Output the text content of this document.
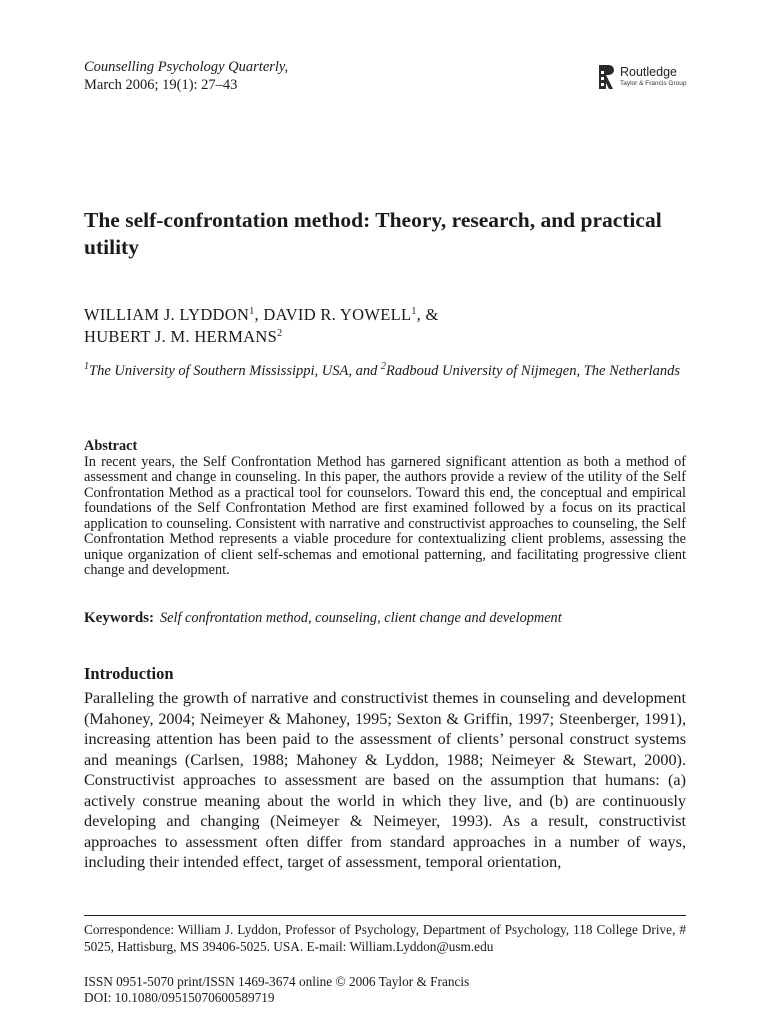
Counselling Psychology Quarterly,
March 2006; 19(1): 27–43
Routledge
Taylor & Francis Group
The self-confrontation method: Theory, research, and practical utility
WILLIAM J. LYDDON$^1$, DAVID R. YOWELL$^1$, &
HUBERT J. M. HERMANS$^2$
$^1$The University of Southern Mississippi, USA, and $^2$Radboud University of Nijmegen, The Netherlands
Abstract
In recent years, the Self Confrontation Method has garnered significant attention as both a method of assessment and change in counseling. In this paper, the authors provide a review of the utility of the Self Confrontation Method as a practical tool for counselors. Toward this end, the conceptual and empirical foundations of the Self Confrontation Method are first examined followed by a focus on its practical application to counseling. Consistent with narrative and constructivist approaches to counseling, the Self Confrontation Method represents a viable procedure for contextualizing client problems, assessing the unique organization of client self-schemas and emotional patterning, and facilitating progressive client change and development.
Keywords: Self confrontation method, counseling, client change and development
Introduction

Paralleling the growth of narrative and constructivist themes in counseling and development (Mahoney, 2004; Neimeyer & Mahoney, 1995; Sexton & Griffin, 1997; Steenberger, 1991), increasing attention has been paid to the assessment of clients’ personal construct systems and meanings (Carlsen, 1988; Mahoney & Lyddon, 1988; Neimeyer & Stewart, 2000). Constructivist approaches to assessment are based on the assumption that humans: (a) actively construe meaning about the world in which they live, and (b) are continuously developing and changing (Neimeyer & Neimeyer, 1993). As a result, constructivist approaches to assessment often differ from standard approaches in a number of ways, including their intended effect, target of assessment, temporal orientation,

Correspondence: William J. Lyddon, Professor of Psychology, Department of Psychology, 118 College Drive, # 5025, Hattisburg, MS 39406-5025. USA. E-mail: William.Lyddon@usm.edu
ISSN 0951-5070 print/ISSN 1469-3674 online © 2006 Taylor & Francis
DOI: 10.1080/09515070600589719
